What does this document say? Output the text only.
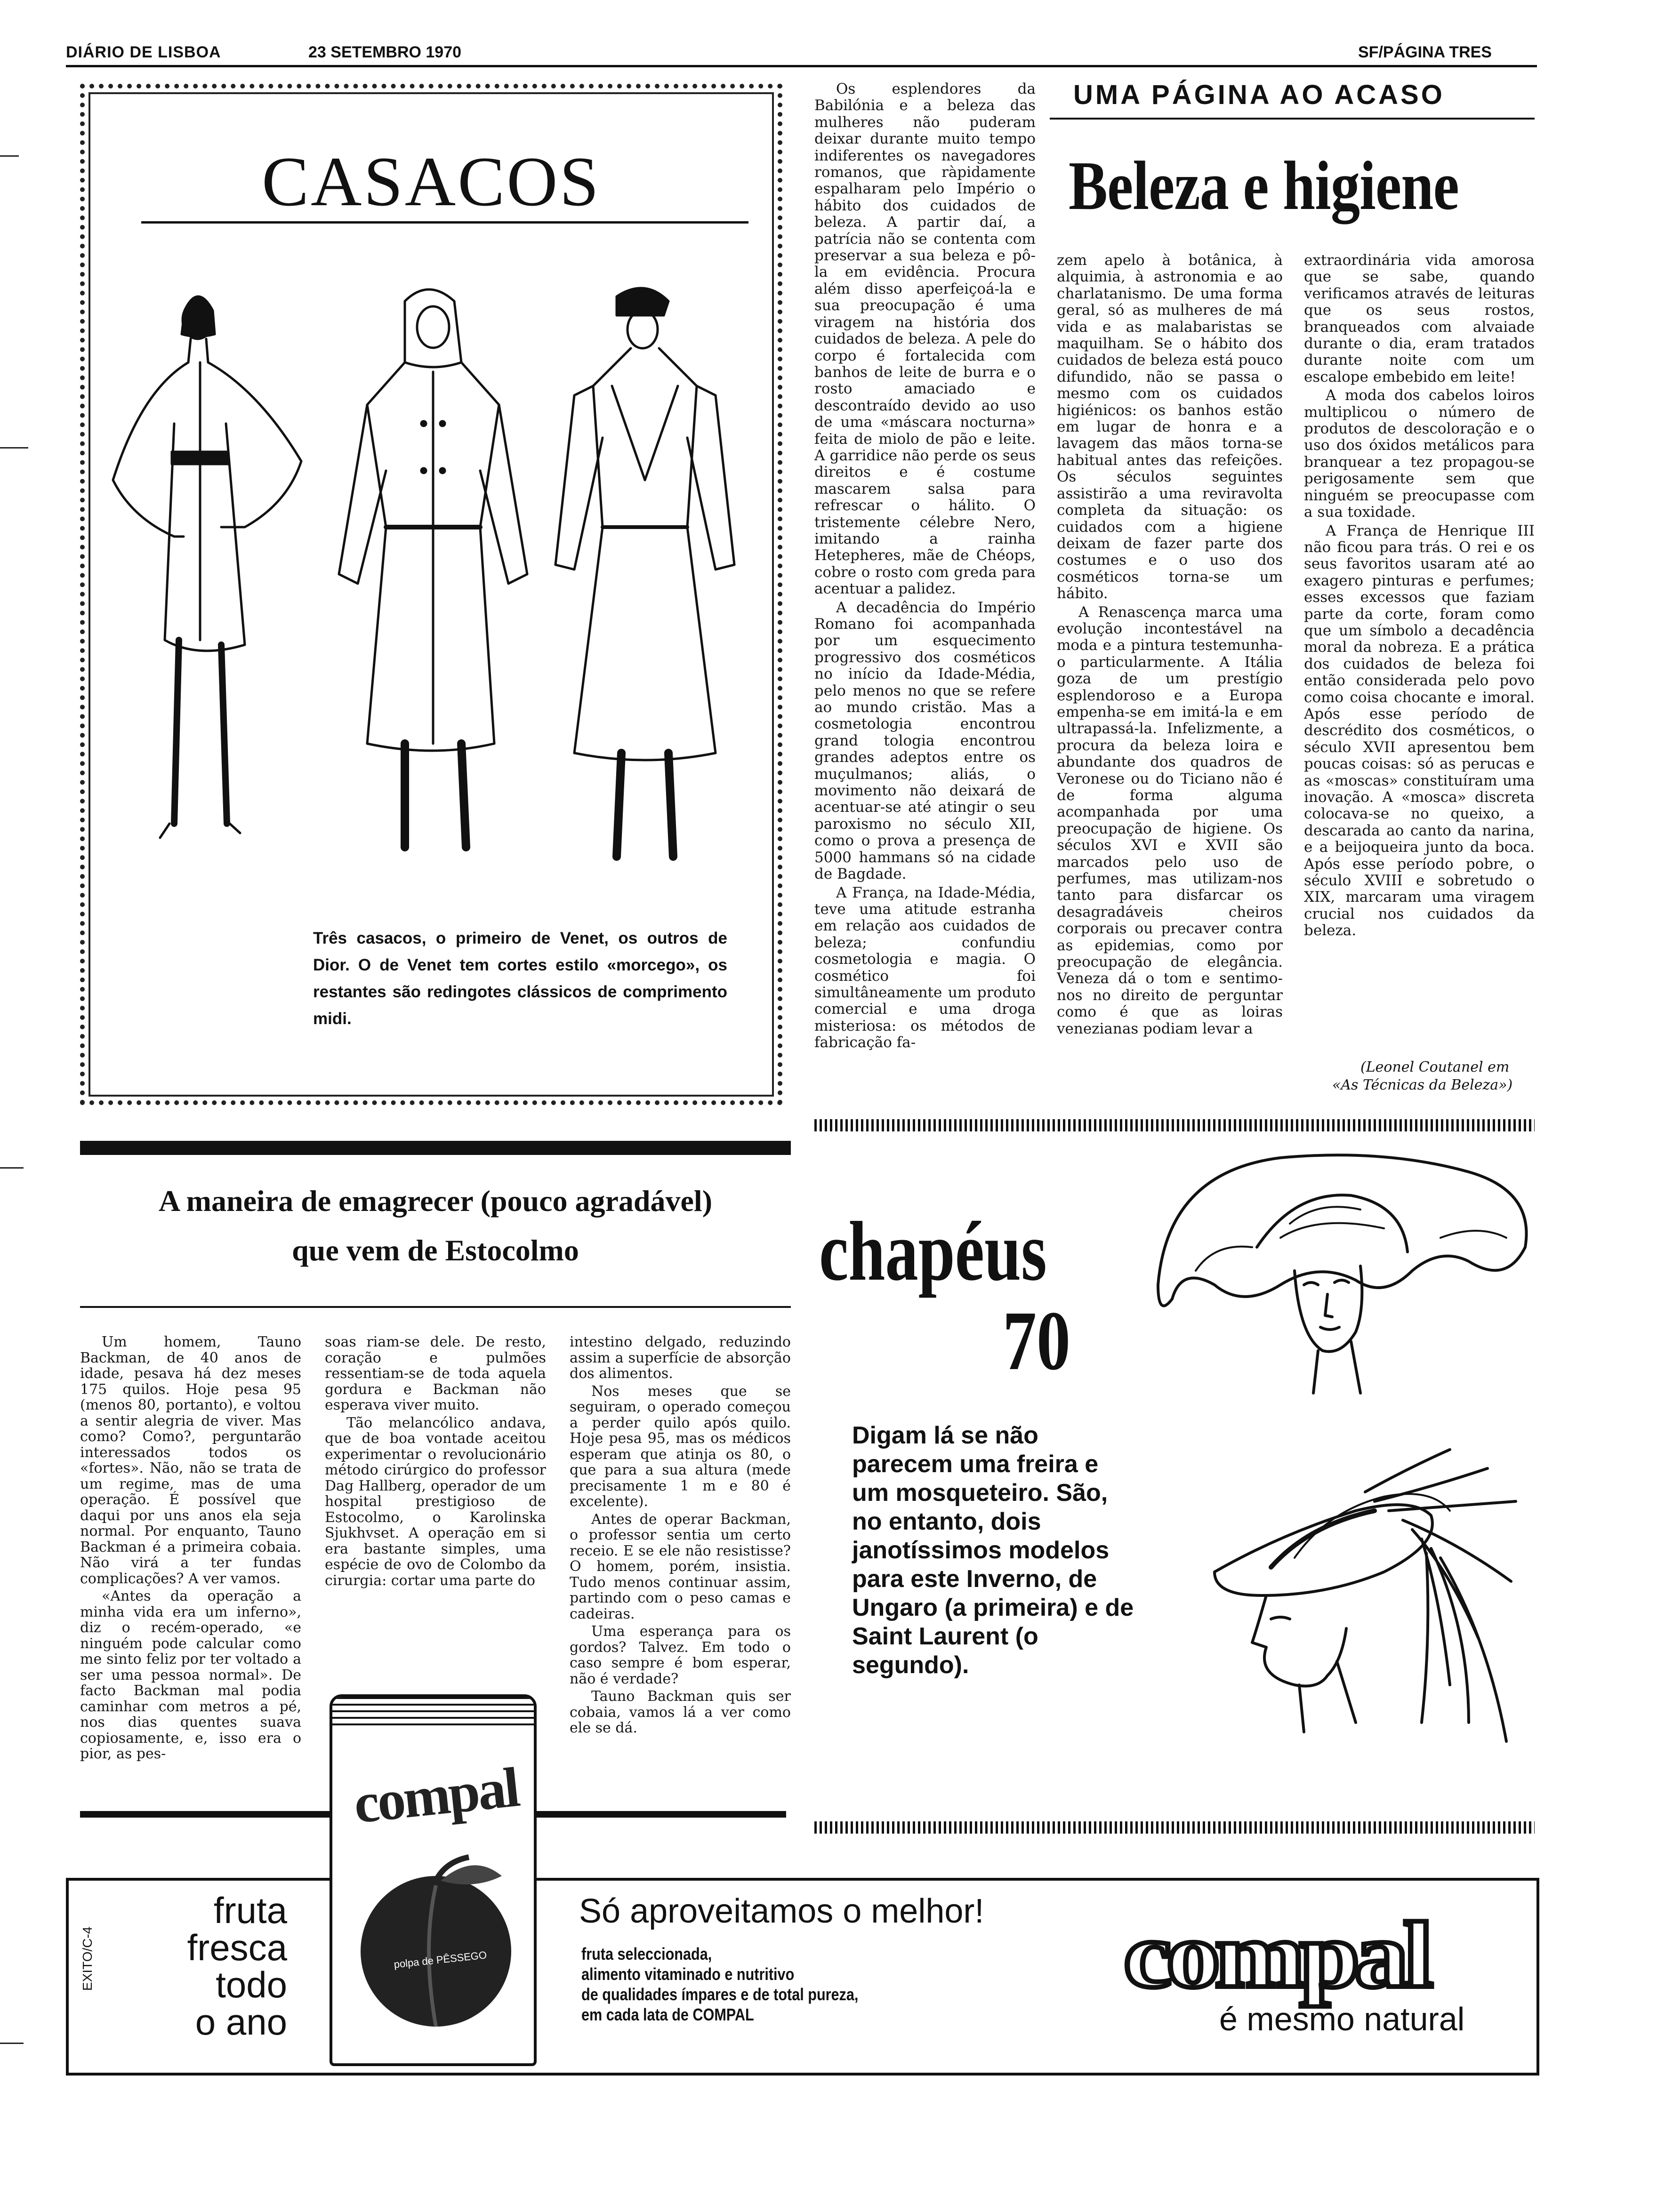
DIÁRIO DE LISBOA	23 SETEMBRO 1970	SF/PÁGINA TRES
CASACOS
Três casacos, o primeiro de Venet, os outros de Dior. O de Venet tem cortes estilo «morcego», os restantes são redingotes clássicos de comprimento midi.
UMA PÁGINA AO ACASO
Beleza e higiene

Os esplendores da Babilónia e a beleza das mulheres não puderam deixar durante muito tempo indiferentes os navegadores romanos, que ràpidamente espalharam pelo Império o hábito dos cuidados de beleza. A partir daí, a patrícia não se contenta com preservar a sua beleza e pô-la em evidência. Procura além disso aperfeiçoá-la e sua preocupação é uma viragem na história dos cuidados de beleza. A pele do corpo é fortalecida com banhos de leite de burra e o rosto amaciado e descontraído devido ao uso de uma «máscara nocturna» feita de miolo de pão e leite. A garridice não perde os seus direitos e é costume mascarem salsa para refrescar o hálito. O tristemente célebre Nero, imitando a rainha Hetepheres, mãe de Chéops, cobre o rosto com greda para acentuar a palidez.

A decadência do Império Romano foi acompanhada por um esquecimento progressivo dos cosméticos no início da Idade-Média, pelo menos no que se refere ao mundo cristão. Mas a cosmetologia encontrou grand tologia encontrou grandes adeptos entre os muçulmanos; aliás, o movimento não deixará de acentuar-se até atingir o seu paroxismo no século XII, como o prova a presença de 5000 hammans só na cidade de Bagdade.

A França, na Idade-Média, teve uma atitude estranha em relação aos cuidados de beleza; confundiu cosmetologia e magia. O cosmético foi simultâneamente um produto comercial e uma droga misteriosa: os métodos de fabricação fa-

zem apelo à botânica, à alquimia, à astronomia e ao charlatanismo. De uma forma geral, só as mulheres de má vida e as malabaristas se maquilham. Se o hábito dos cuidados de beleza está pouco difundido, não se passa o mesmo com os cuidados higiénicos: os banhos estão em lugar de honra e a lavagem das mãos torna-se habitual antes das refeições. Os séculos seguintes assistirão a uma reviravolta completa da situação: os cuidados com a higiene deixam de fazer parte dos costumes e o uso dos cosméticos torna-se um hábito.

A Renascença marca uma evolução incontestável na moda e a pintura testemunha-o particularmente. A Itália goza de um prestígio esplendoroso e a Europa empenha-se em imitá-la e em ultrapassá-la. Infelizmente, a procura da beleza loira e abundante dos quadros de Veronese ou do Ticiano não é de forma alguma acompanhada por uma preocupação de higiene. Os séculos XVI e XVII são marcados pelo uso de perfumes, mas utilizam-nos tanto para disfarcar os desagradáveis cheiros corporais ou precaver contra as epidemias, como por preocupação de elegância. Veneza dá o tom e sentimo-nos no direito de perguntar como é que as loiras venezianas podiam levar a

extraordinária vida amorosa que se sabe, quando verificamos através de leituras que os seus rostos, branqueados com alvaiade durante o dia, eram tratados durante noite com um escalope embebido em leite!

A moda dos cabelos loiros multiplicou o número de produtos de descoloração e o uso dos óxidos metálicos para branquear a tez propagou-se perigosamente sem que ninguém se preocupasse com a sua toxidade.

A França de Henrique III não ficou para trás. O rei e os seus favoritos usaram até ao exagero pinturas e perfumes; esses excessos que faziam parte da corte, foram como que um símbolo a decadência moral da nobreza. E a prática dos cuidados de beleza foi então considerada pelo povo como coisa chocante e imoral. Após esse período de descrédito dos cosméticos, o século XVII apresentou bem poucas coisas: só as perucas e as «moscas» constituíram uma inovação. A «mosca» discreta colocava-se no queixo, a descarada ao canto da narina, e a beijoqueira junto da boca. Após esse período pobre, o século XVIII e sobretudo o XIX, marcaram uma viragem crucial nos cuidados da beleza.

(Leonel Coutanel em
«As Técnicas da Beleza»)
A maneira de emagrecer (pouco agradável)
que vem de Estocolmo

Um homem, Tauno Backman, de 40 anos de idade, pesava há dez meses 175 quilos. Hoje pesa 95 (menos 80, portanto), e voltou a sentir alegria de viver. Mas como? Como?, perguntarão interessados todos os «fortes». Não, não se trata de um regime, mas de uma operação. É possível que daqui por uns anos ela seja normal. Por enquanto, Tauno Backman é a primeira cobaia. Não virá a ter fundas complicações? A ver vamos.

«Antes da operação a minha vida era um inferno», diz o recém-operado, «e ninguém pode calcular como me sinto feliz por ter voltado a ser uma pessoa normal». De facto Backman mal podia caminhar com metros a pé, nos dias quentes suava copiosamente, e, isso era o pior, as pes-

soas riam-se dele. De resto, coração e pulmões ressentiam-se de toda aquela gordura e Backman não esperava viver muito.

Tão melancólico andava, que de boa vontade aceitou experimentar o revolucionário método cirúrgico do professor Dag Hallberg, operador de um hospital prestigioso de Estocolmo, o Karolinska Sjukhvset. A operação em si era bastante simples, uma espécie de ovo de Colombo da cirurgia: cortar uma parte do

intestino delgado, reduzindo assim a superfície de absorção dos alimentos.

Nos meses que se seguiram, o operado começou a perder quilo após quilo. Hoje pesa 95, mas os médicos esperam que atinja os 80, o que para a sua altura (mede precisamente 1 m e 80 é excelente).

Antes de operar Backman, o professor sentia um certo receio. E se ele não resistisse? O homem, porém, insistia. Tudo menos continuar assim, partindo com o peso camas e cadeiras.

Uma esperança para os gordos? Talvez. Em todo o caso sempre é bom esperar, não é verdade?

Tauno Backman quis ser cobaia, vamos lá a ver como ele se dá.

chapéus
70
Digam lá se não parecem uma freira e um mosqueteiro. São, no entanto, dois janotíssimos modelos para este Inverno, de Ungaro (a primeira) e de Saint Laurent (o segundo).
EXITO/C-4
fruta
fresca
todo
o ano
compal
polpa de PÊSSEGO
Só aproveitamos o melhor!
fruta seleccionada,
alimento vitaminado e nutritivo
de qualidades ímpares e de total pureza,
em cada lata de COMPAL
compal
é mesmo natural
